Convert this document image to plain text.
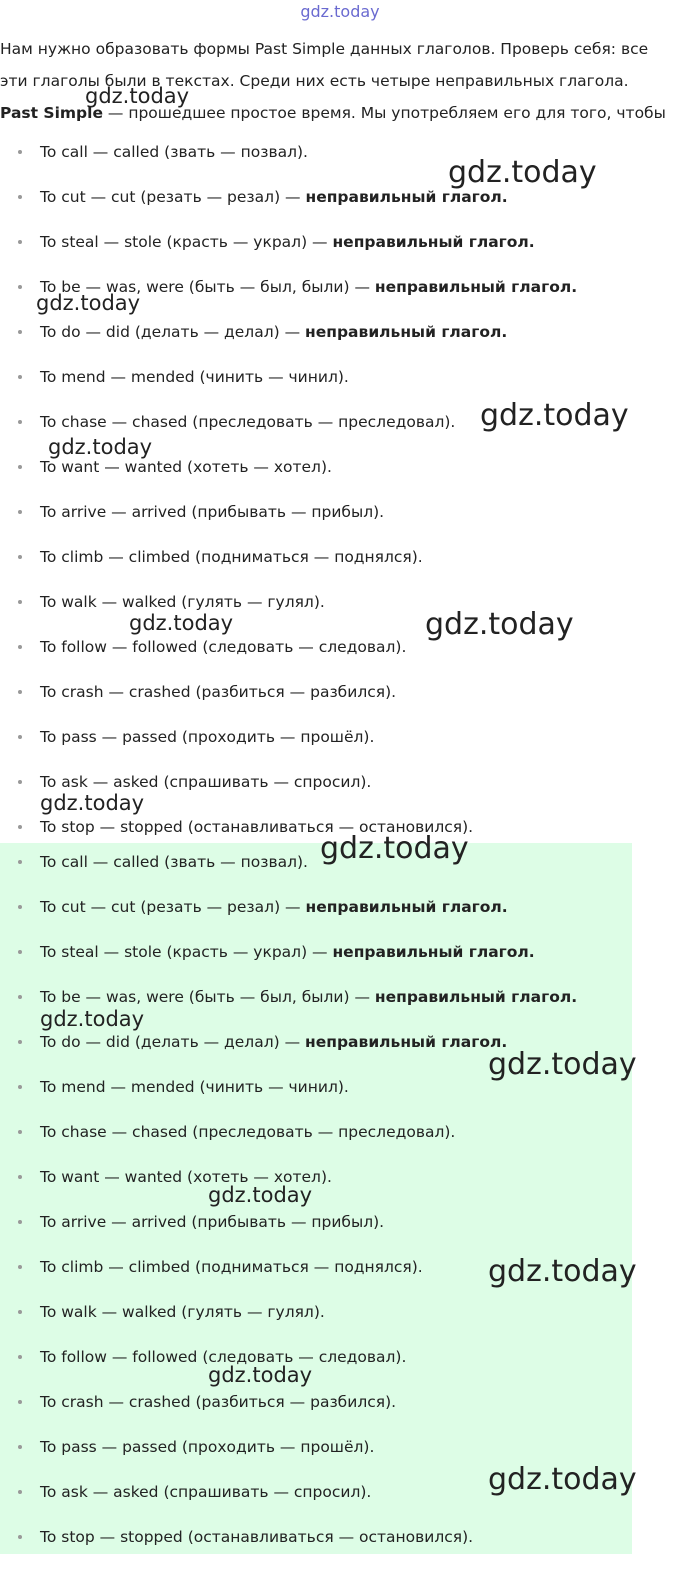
gdz.today

Нам нужно образовать формы Past Simple данных глаголов. Проверь себя: все

эти глаголы были в текстах. Среди них есть четыре неправильных глагола.

Past Simple — прошедшее простое время. Мы употребляем его для того, чтобы
To call — called (звать — позвал).
To cut — cut (резать — резал) — неправильный глагол.
To steal — stole (красть — украл) — неправильный глагол.
To be — was, were (быть — был, были) — неправильный глагол.
To do — did (делать — делал) — неправильный глагол.
To mend — mended (чинить — чинил).
To chase — chased (преследовать — преследовал).
To want — wanted (хотеть — хотел).
To arrive — arrived (прибывать — прибыл).
To climb — climbed (подниматься — поднялся).
To walk — walked (гулять — гулял).
To follow — followed (следовать — следовал).
To crash — crashed (разбиться — разбился).
To pass — passed (проходить — прошёл).
To ask — asked (спрашивать — спросил).
To stop — stopped (останавливаться — остановился).
To call — called (звать — позвал).
To cut — cut (резать — резал) — неправильный глагол.
To steal — stole (красть — украл) — неправильный глагол.
To be — was, were (быть — был, были) — неправильный глагол.
To do — did (делать — делал) — неправильный глагол.
To mend — mended (чинить — чинил).
To chase — chased (преследовать — преследовал).
To want — wanted (хотеть — хотел).
To arrive — arrived (прибывать — прибыл).
To climb — climbed (подниматься — поднялся).
To walk — walked (гулять — гулял).
To follow — followed (следовать — следовал).
To crash — crashed (разбиться — разбился).
To pass — passed (проходить — прошёл).
To ask — asked (спрашивать — спросил).
To stop — stopped (останавливаться — остановился).
gdz.today
gdz.today
gdz.today
gdz.today
gdz.today
gdz.today
gdz.today
gdz.today
gdz.today
gdz.today
gdz.today
gdz.today
gdz.today
gdz.today
gdz.today
